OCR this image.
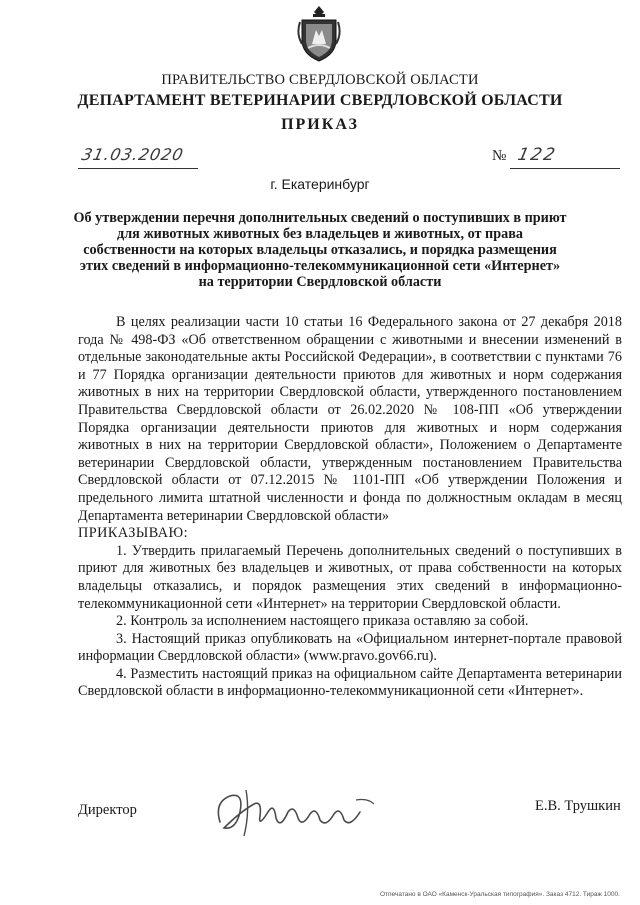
ПРАВИТЕЛЬСТВО СВЕРДЛОВСКОЙ ОБЛАСТИ
ДЕПАРТАМЕНТ ВЕТЕРИНАРИИ СВЕРДЛОВСКОЙ ОБЛАСТИ
ПРИКАЗ
31.03.2020	№ 122
г. Екатеринбург
Об утверждении перечня дополнительных сведений о поступивших в приют
для животных животных без владельцев и животных, от права
собственности на которых владельцы отказались, и порядка размещения
этих сведений в информационно-телекоммуникационной сети «Интернет»
на территории Свердловской области

В целях реализации части 10 статьи 16 Федерального закона от 27 декабря 2018 года № 498-ФЗ «Об ответственном обращении с животными и внесении изменений в отдельные законодательные акты Российской Федерации», в соответствии с пунктами 76 и 77 Порядка организации деятельности приютов для животных и норм содержания животных в них на территории Свердловской области, утвержденного постановлением Правительства Свердловской области от 26.02.2020 № 108-ПП «Об утверждении Порядка организации деятельности приютов для животных и норм содержания животных в них на территории Свердловской области», Положением о Департаменте ветеринарии Свердловской области, утвержденным постановлением Правительства Свердловской области от 07.12.2015 № 1101-ПП «Об утверждении Положения и предельного лимита штатной численности и фонда по должностным окладам в месяц Департамента ветеринарии Свердловской области»

ПРИКАЗЫВАЮ:

1. Утвердить прилагаемый Перечень дополнительных сведений о поступивших в приют для животных без владельцев и животных, от права собственности на которых владельцы отказались, и порядок размещения этих сведений в информационно-телекоммуникационной сети «Интернет» на территории Свердловской области.

2. Контроль за исполнением настоящего приказа оставляю за собой.

3. Настоящий приказ опубликовать на «Официальном интернет-портале правовой информации Свердловской области» (www.pravo.gov66.ru).

4. Разместить настоящий приказ на официальном сайте Департамента ветеринарии Свердловской области в информационно-телекоммуникационной сети «Интернет».

Директор	Е.В. Трушкин
Отпечатано в ОАО «Каменск-Уральская типография». Заказ 4712. Тираж 1000.
